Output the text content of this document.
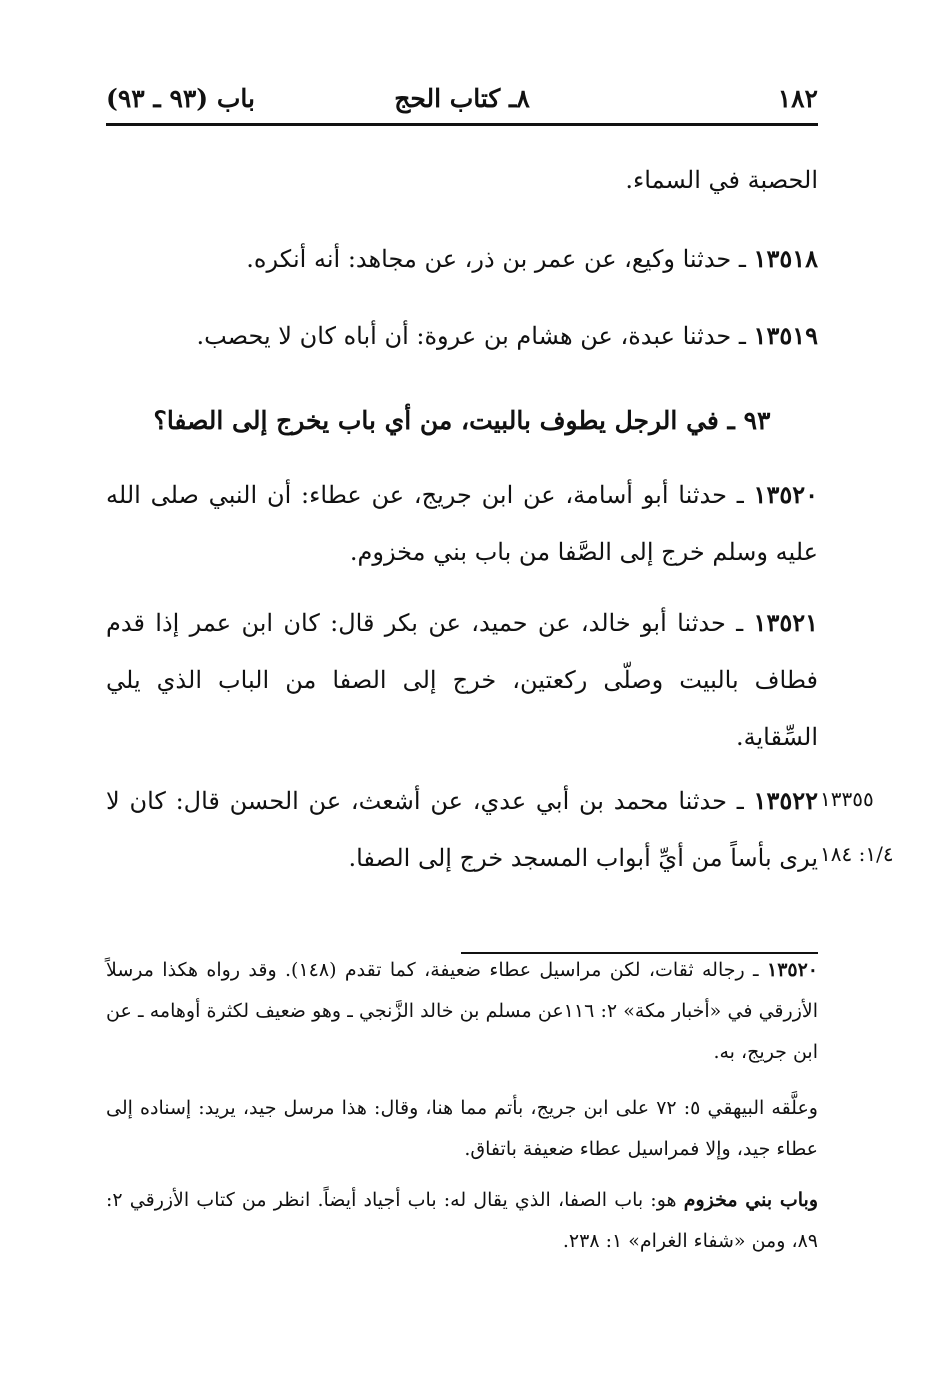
١٨٢
٨ـ كتاب الحج
باب (٩٣ ـ ٩٣)

الحصبة في السماء.

١٣٥١٨ ـ حدثنا وكيع، عن عمر بن ذر، عن مجاهد: أنه أنكره.

١٣٥١٩ ـ حدثنا عبدة، عن هشام بن عروة: أن أباه كان لا يحصب.

٩٣ ـ في الرجل يطوف بالبيت، من أي باب يخرج إلى الصفا؟

١٣٥٢٠ ـ حدثنا أبو أسامة، عن ابن جريج، عن عطاء: أن النبي صلى الله عليه وسلم خرج إلى الصَّفا من باب بني مخزوم.

١٣٥٢١ ـ حدثنا أبو خالد، عن حميد، عن بكر قال: كان ابن عمر إذا قدم فطاف بالبيت وصلّى ركعتين، خرج إلى الصفا من الباب الذي يلي السِّقاية.

١٣٥٢٢ ـ حدثنا محمد بن أبي عدي، عن أشعث، عن الحسن قال: كان لا يرى بأساً من أيِّ أبواب المسجد خرج إلى الصفا.

١٣٣٥٥
١/٤: ١٨٤

١٣٥٢٠ ـ رجاله ثقات، لكن مراسيل عطاء ضعيفة، كما تقدم (١٤٨). وقد رواه هكذا مرسلاً الأزرقي في «أخبار مكة» ٢: ١١٦عن مسلم بن خالد الزَّنجي ـ وهو ضعيف لكثرة أوهامه ـ عن ابن جريج، به.

وعلَّقه البيهقي ٥: ٧٢ على ابن جريج، بأتم مما هنا، وقال: هذا مرسل جيد، يريد: إسناده إلى عطاء جيد، وإلا فمراسيل عطاء ضعيفة باتفاق.

وباب بني مخزوم هو: باب الصفا، الذي يقال له: باب أجياد أيضاً. انظر من كتاب الأزرقي ٢: ٨٩، ومن «شفاء الغرام» ١: ٢٣٨.
